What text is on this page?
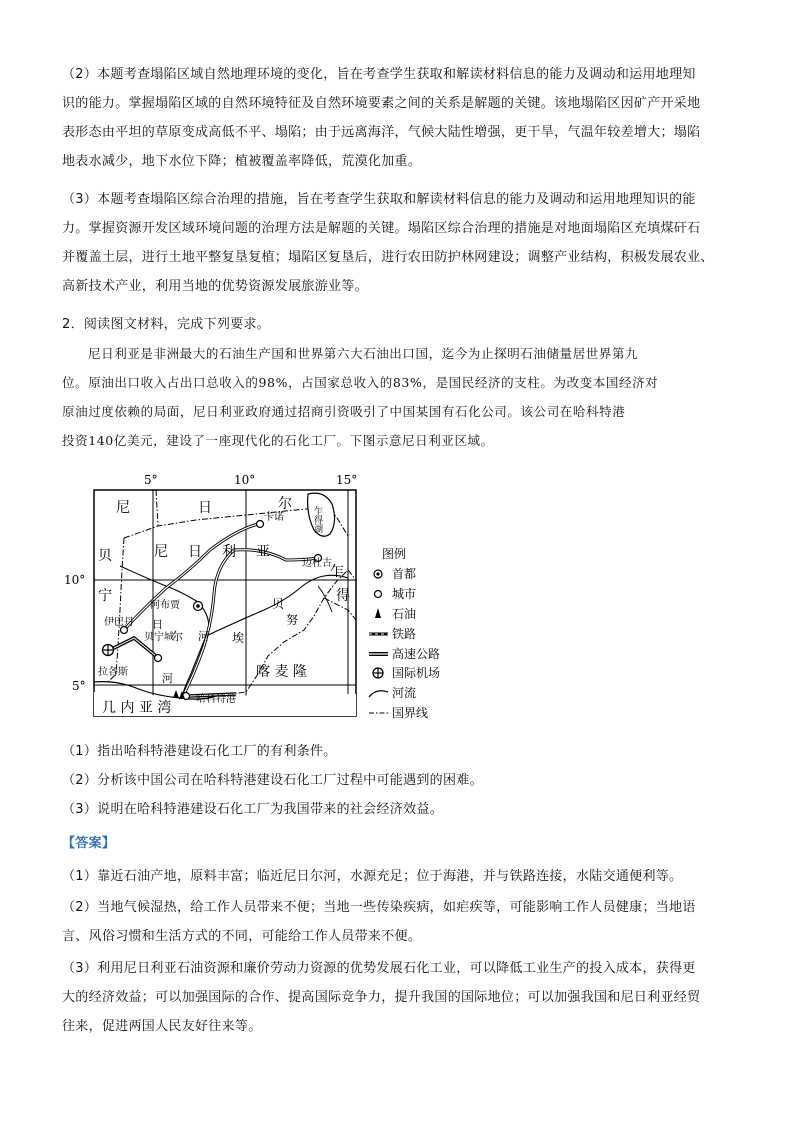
（2）本题考查塌陷区域自然地理环境的变化，旨在考查学生获取和解读材料信息的能力及调动和运用地理知
识的能力。掌握塌陷区域的自然环境特征及自然环境要素之间的关系是解题的关键。该地塌陷区因矿产开采地
表形态由平坦的草原变成高低不平、塌陷；由于远离海洋，气候大陆性增强，更干旱，气温年较差增大；塌陷
地表水减少，地下水位下降；植被覆盖率降低，荒漠化加重。
（3）本题考查塌陷区综合治理的措施，旨在考查学生获取和解读材料信息的能力及调动和运用地理知识的能
力。掌握资源开发区域环境问题的治理方法是解题的关键。塌陷区综合治理的措施是对地面塌陷区充填煤矸石
并覆盖土层，进行土地平整复垦复植；塌陷区复垦后，进行农田防护林网建设；调整产业结构，积极发展农业、
高新技术产业，利用当地的优势资源发展旅游业等。
2．阅读图文材料，完成下列要求。
尼日利亚是非洲最大的石油生产国和世界第六大石油出口国，迄今为止探明石油储量居世界第九
位。原油出口收入占出口总收入的98%，占国家总收入的83%，是国民经济的支柱。为改变本国经济对
原油过度依赖的局面，尼日利亚政府通过招商引资吸引了中国某国有石化公司。该公司在哈科特港
投资140亿美元，建设了一座现代化的石化工厂。下图示意尼日利亚区域。
5°	10°	15°
10°
5°
乍得湖
卡诺
迈杜古
阿布贾
伊巴丹
拉各斯
贝宁城
哈科特港
尼	日	尔
尼 日 利 亚
乍
得
贝
宁
喀 麦 隆
几 内 亚 湾
贝
努
日
尔 河 埃
河
图例
首都
城市
石油
铁路
高速公路
国际机场
河流
国界线
（1）指出哈科特港建设石化工厂的有利条件。
（2）分析该中国公司在哈科特港建设石化工厂过程中可能遇到的困难。
（3）说明在哈科特港建设石化工厂为我国带来的社会经济效益。
【答案】
（1）靠近石油产地，原料丰富；临近尼日尔河，水源充足；位于海港，并与铁路连接，水陆交通便利等。
（2）当地气候湿热，给工作人员带来不便；当地一些传染疾病，如疟疾等，可能影响工作人员健康；当地语
言、风俗习惯和生活方式的不同，可能给工作人员带来不便。
（3）利用尼日利亚石油资源和廉价劳动力资源的优势发展石化工业，可以降低工业生产的投入成本，获得更
大的经济效益；可以加强国际的合作、提高国际竞争力，提升我国的国际地位；可以加强我国和尼日利亚经贸
往来，促进两国人民友好往来等。
